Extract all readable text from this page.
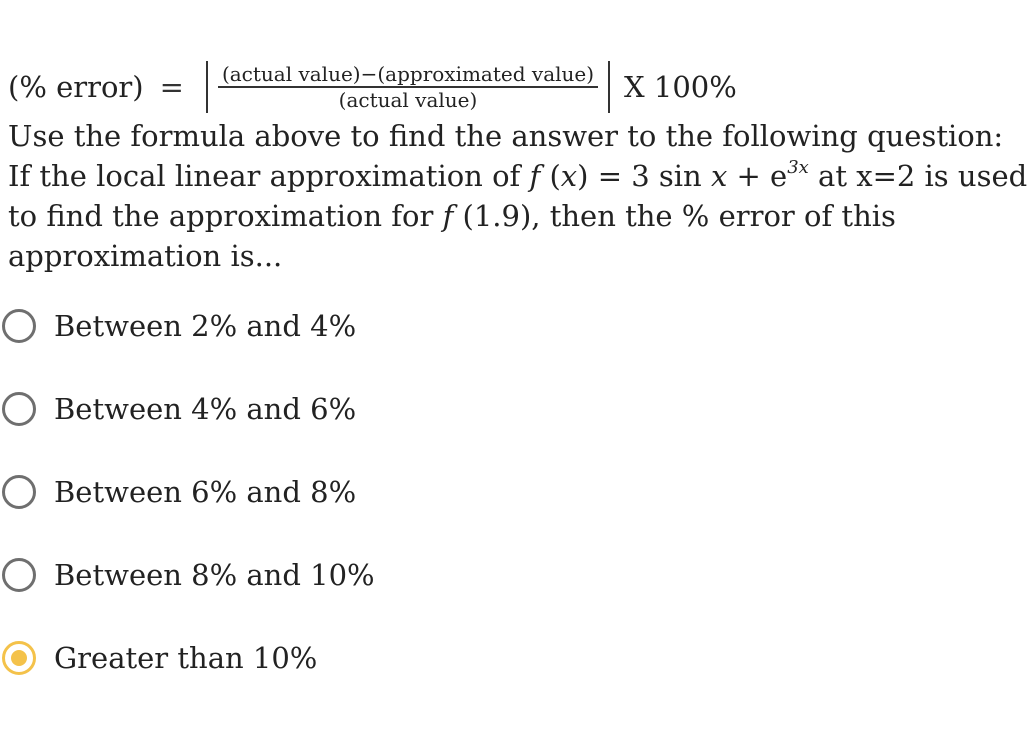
(% error) = $\frac{\text{(actual value)−(approximated value)}}{\text{(actual value)}}$ X 100%

Use the formula above to find the answer to the following question:

If the local linear approximation of f (x) = 3 $\sin x + e^{3x}$ at x=2 is used

to find the approximation for f (1.9), then the % error of this

approximation is...

Between 2% and 4%
Between 4% and 6%
Between 6% and 8%
Between 8% and 10%
Greater than 10%
